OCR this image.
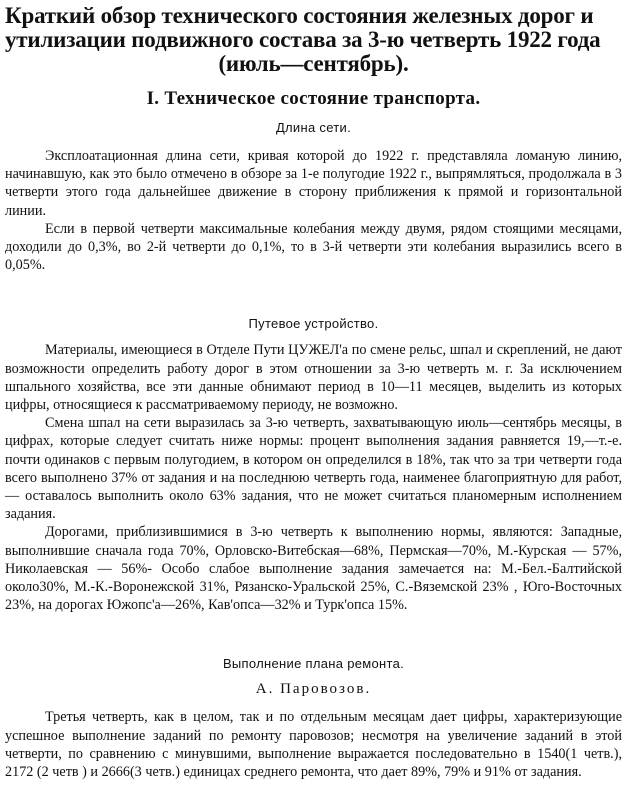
Краткий обзор технического состояния железных дорог и
утилизации подвижного состава за 3-ю четверть 1922 года
(июль—сентябрь).
I. Техническое состояние транспорта.
Длина сети.

Эксплоатационная длина сети, кривая которой до 1922 г. представляла ломаную линию, начинавшую, как это было отмечено в обзоре за 1-е полугодие 1922 г., выпрямляться, продолжала в 3 четверти этого года дальнейшее движение в сторону приближения к прямой и горизонтальной линии.

Если в первой четверти максимальные колебания между двумя, рядом стоящими месяцами, доходили до 0,3%, во 2-й четверти до 0,1%, то в 3-й четверти эти колебания выразились всего в 0,05%.

Путевое устройство.

Материалы, имеющиеся в Отделе Пути ЦУЖЕЛ'а по смене рельс, шпал и скреплений, не дают возможности определить работу дорог в этом отношении за 3-ю четверть м. г. За исключением шпального хозяйства, все эти данные обнимают период в 10—11 месяцев, выделить из которых цифры, относящиеся к рассматриваемому периоду, не возможно.

Смена шпал на сети выразилась за 3-ю четверть, захватывающую июль—сентябрь месяцы, в цифрах, которые следует считать ниже нормы: процент выполнения задания равняется 19,—т.-е. почти одинаков с первым полугодием, в котором он определился в 18%, так что за три четверти года всего выполнено 37% от задания и на последнюю четверть года, наименее благоприятную для работ, — оставалось выполнить около 63% задания, что не может считаться планомерным исполнением задания.

Дорогами, приблизившимися в 3-ю четверть к выполнению нормы, являются: Западные, выполнившие сначала года 70%, Орловско-Витебская—68%, Пермская—70%, М.-Курская — 57%, Николаевская — 56%- Особо слабое выполнение задания замечается на: М.-Бел.-Балтийской около30%, М.-К.-Воронежской 31%, Рязанско-Уральской 25%, С.-Вяземской 23% , Юго-Восточных 23%, на дорогах Южопс'а—26%, Кав'опса—32% и Турк'опса 15%.

Выполнение плана ремонта.
А. Паровозов.

Третья четверть, как в целом, так и по отдельным месяцам дает цифры, характеризующие успешное выполнение заданий по ремонту паровозов; несмотря на увеличение заданий в этой четверти, по сравнению с минувшими, выполнение выражается последовательно в 1540(1 четв.), 2172 (2 четв ) и 2666(3 четв.) единицах среднего ремонта, что дает 89%, 79% и 91% от задания.
